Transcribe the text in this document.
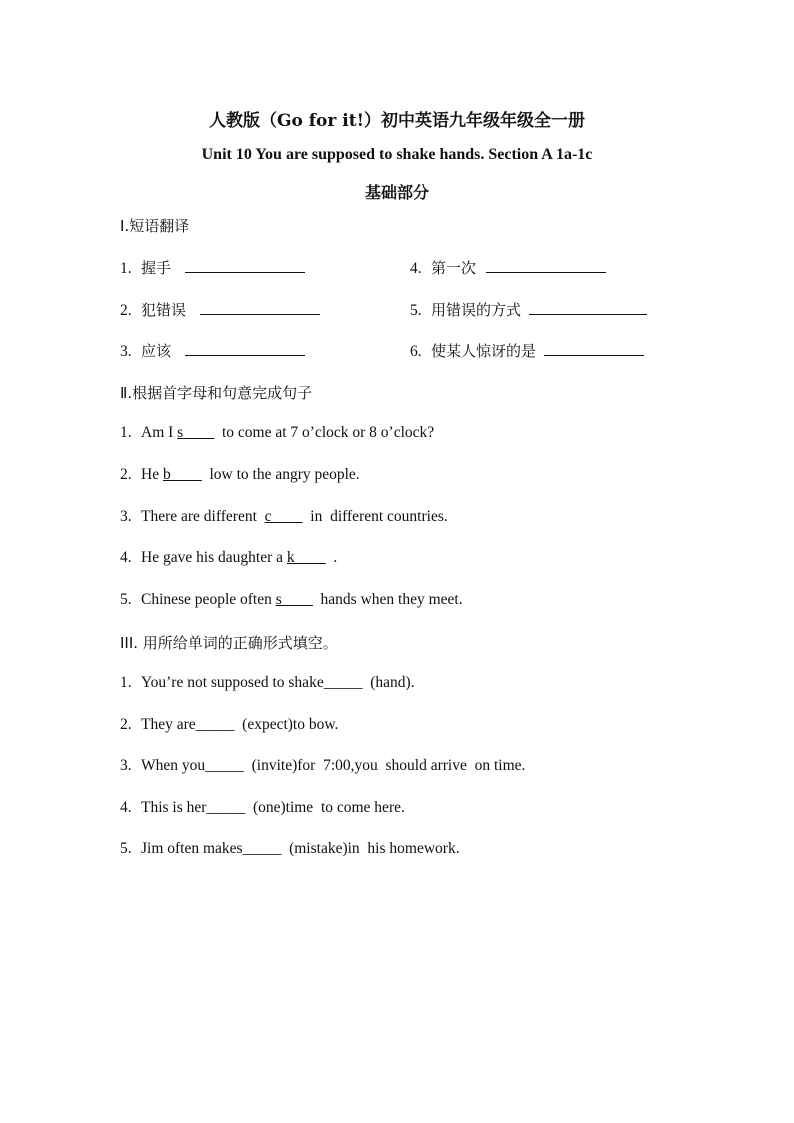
人教版（Go for it!）初中英语九年级年级全一册
Unit 10 You are supposed to shake hands. Section A 1a-1c
基础部分
Ⅰ.短语翻译
1. 握手
2. 犯错误
3. 应该
4. 第一次
5. 用错误的方式
6. 使某人惊讶的是
Ⅱ.根据首字母和句意完成句子
1. Am I s____  to come at 7 o’clock or 8 o’clock?
2. He b____  low to the angry people.
3. There are different  c____  in  different countries.
4. He gave his daughter a k____  .
5. Chinese people often s____  hands when they meet.
III. 用所给单词的正确形式填空。
1. You’re not supposed to shake_____  (hand).
2. They are_____  (expect)to bow.
3. When you_____  (invite)for  7:00,you  should arrive  on time.
4. This is her_____  (one)time  to come here.
5. Jim often makes_____  (mistake)in  his homework.
